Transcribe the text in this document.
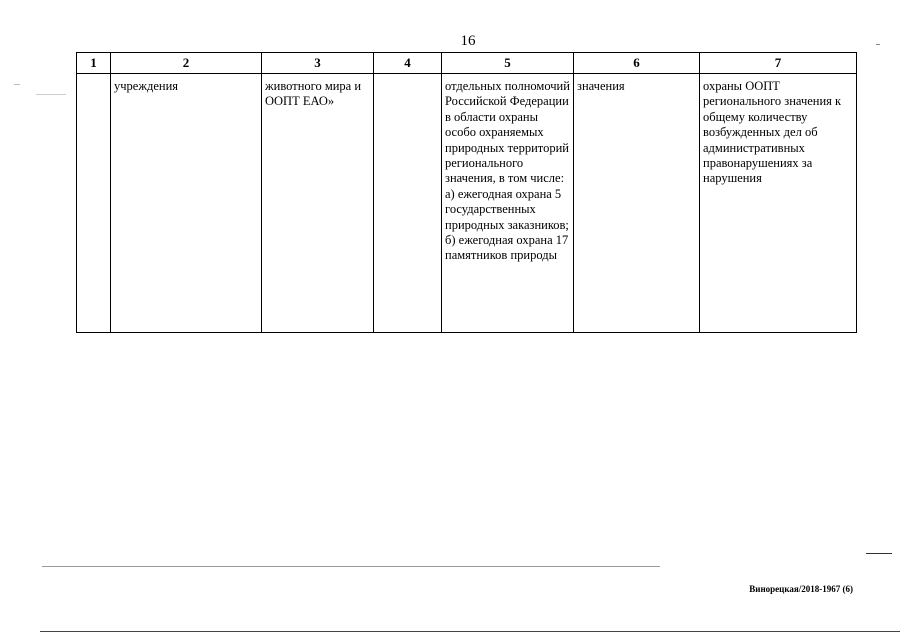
16
1	2	3	4	5	6	7
	учреждения	животного мира и ООПТ ЕАО»		отдельных полномочий Российской Федерации в области охраны особо охраняемых природных территорий регионального значения, в том числе: а) ежегодная охрана 5 государственных природных заказников; б) ежегодная охрана 17 памятников природы	значения	охраны ООПТ регионального значения к общему количеству возбужденных дел об административных правонарушениях за нарушения
Винорецкая/2018-1967 (6)
